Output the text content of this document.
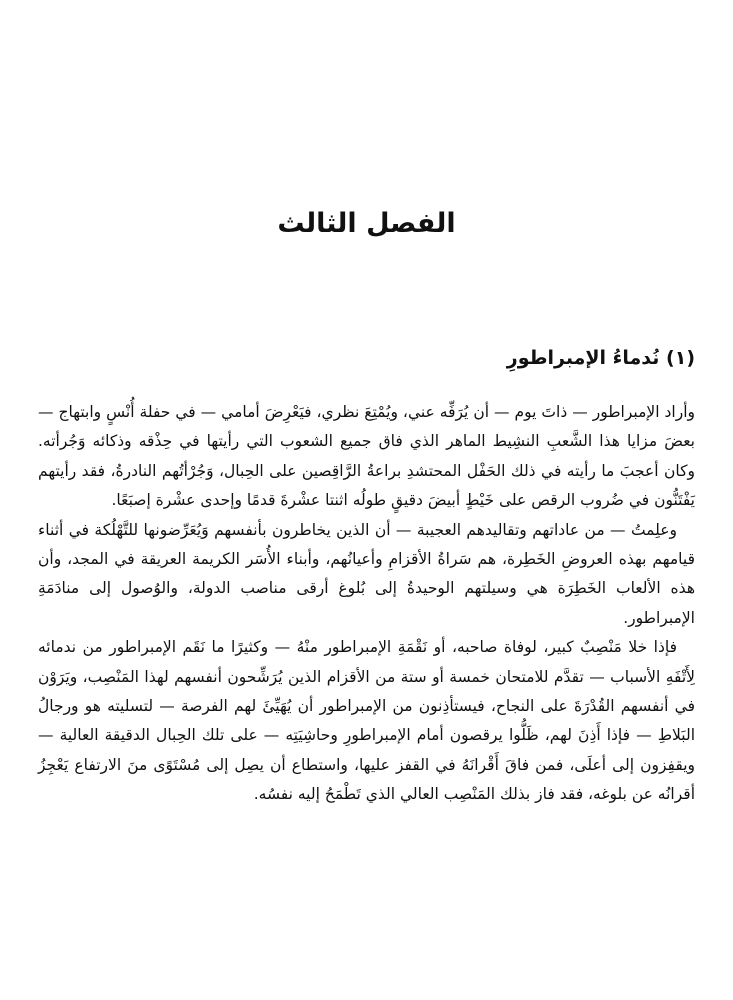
الفصل الثالث
(١) نُدماءُ الإمبراطورِ

وأراد الإمبراطور — ذاتَ يوم — أن يُرَفِّه عني، ويُمْتِعَ نظري، فيَعْرِضَ أمامي — في حفلة أُنْسٍ وابتهاج — بعضَ مزايا هذا الشَّعبِ النشِيط الماهر الذي فاق جميع الشعوب التي رأيتها في حِذْقه وذكائه وَجُرأته. وكان أعجبَ ما رأيته في ذلك الحَفْل المحتشدِ براعةُ الرَّاقِصين على الحِبال، وَجُرْأتُهم النادرةُ، فقد رأيتهم يَفْتَنُّون في ضُروب الرقص على خَيْطٍ أبيضَ دقيقٍ طولُه اثنتا عشْرةَ قدمًا وإحدى عشْرة إصبَعًا.

وعلِمتُ — من عاداتهم وتقاليدهم العجيبة — أن الذين يخاطرون بأنفسهم وَيُعَرِّضونها للتَّهْلُكة في أثناء قيامهم بهذه العروضِ الخَطِرة، هم سَراةُ الأقزامِ وأعيانُهم، وأبناء الأُسَر الكريمة العريقة في المجد، وأن هذه الألعاب الخَطِرَة هي وسيلتهم الوحيدةُ إلى بُلوغ أرقى مناصب الدولة، والوُصول إلى منادَمَةِ الإمبراطور.

فإذا خلا مَنْصِبٌ كبير، لوفاة صاحبه، أو نَقْمَةِ الإمبراطور منْهُ — وكثيرًا ما نَقَم الإمبراطور من ندمائه لِأَتْفَهِ الأسباب — تقدَّم للامتحان خمسة أو ستة من الأقزام الذين يُرَشِّحون أنفسهم لهذا المَنْصِب، ويَرَوْن في أنفسهم القُدْرَةَ على النجاح، فيستأذِنون من الإمبراطور أن يُهَيِّئَ لهم الفرصة — لتسليته هو ورجالُ البَلاطِ — فإذا أَذِنَ لهم، ظَلُّوا يرقصون أمام الإمبراطورِ وحاشِيَتِه — على تلك الحِبال الدقيقة العالية — ويقفِزون إلى أعلَى، فمن فاقَ أَقْرانَهُ في القفز عليها، واستطاع أن يصِل إلى مُسْتَوًى منَ الارتفاع يَعْجِزُ أقرانُه عن بلوغه، فقد فاز بذلك المَنْصِب العالي الذي تَطْمَحُ إليه نفسُه.
